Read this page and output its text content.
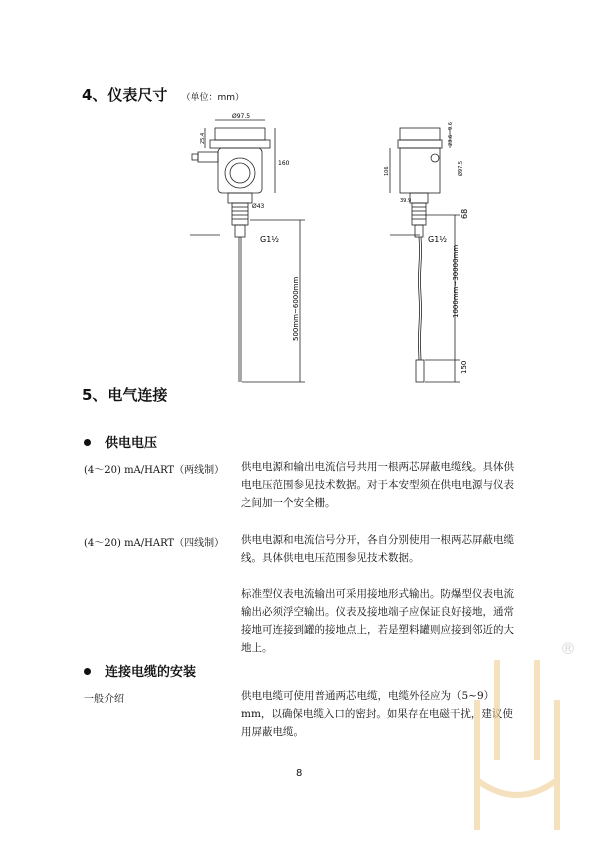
4、仪表尺寸 （单位：mm）
Ø97.5
160
25.4
Ø43
G1½
500mm~6000mm
106
9.6
23.6
Ø97.5
39.9
68
G1½
1000mm~30000mm
150
5、电气连接
供电电压
(4～20) mA/HART（两线制） 供电电源和输出电流信号共用一根两芯屏蔽电缆线。具体供电电压范围参见技术数据。对于本安型须在供电电源与仪表之间加一个安全栅。
(4～20) mA/HART（四线制） 供电电源和电流信号分开，各自分别使用一根两芯屏蔽电缆线。具体供电电压范围参见技术数据。
标准型仪表电流输出可采用接地形式输出。防爆型仪表电流输出必须浮空输出。仪表及接地端子应保证良好接地，通常接地可连接到罐的接地点上，若是塑料罐则应接到邻近的大地上。
连接电缆的安装
一般介绍	供电电缆可使用普通两芯电缆，电缆外径应为（5~9）mm，以确保电缆入口的密封。如果存在电磁干扰，建议使用屏蔽电缆。
8
®
